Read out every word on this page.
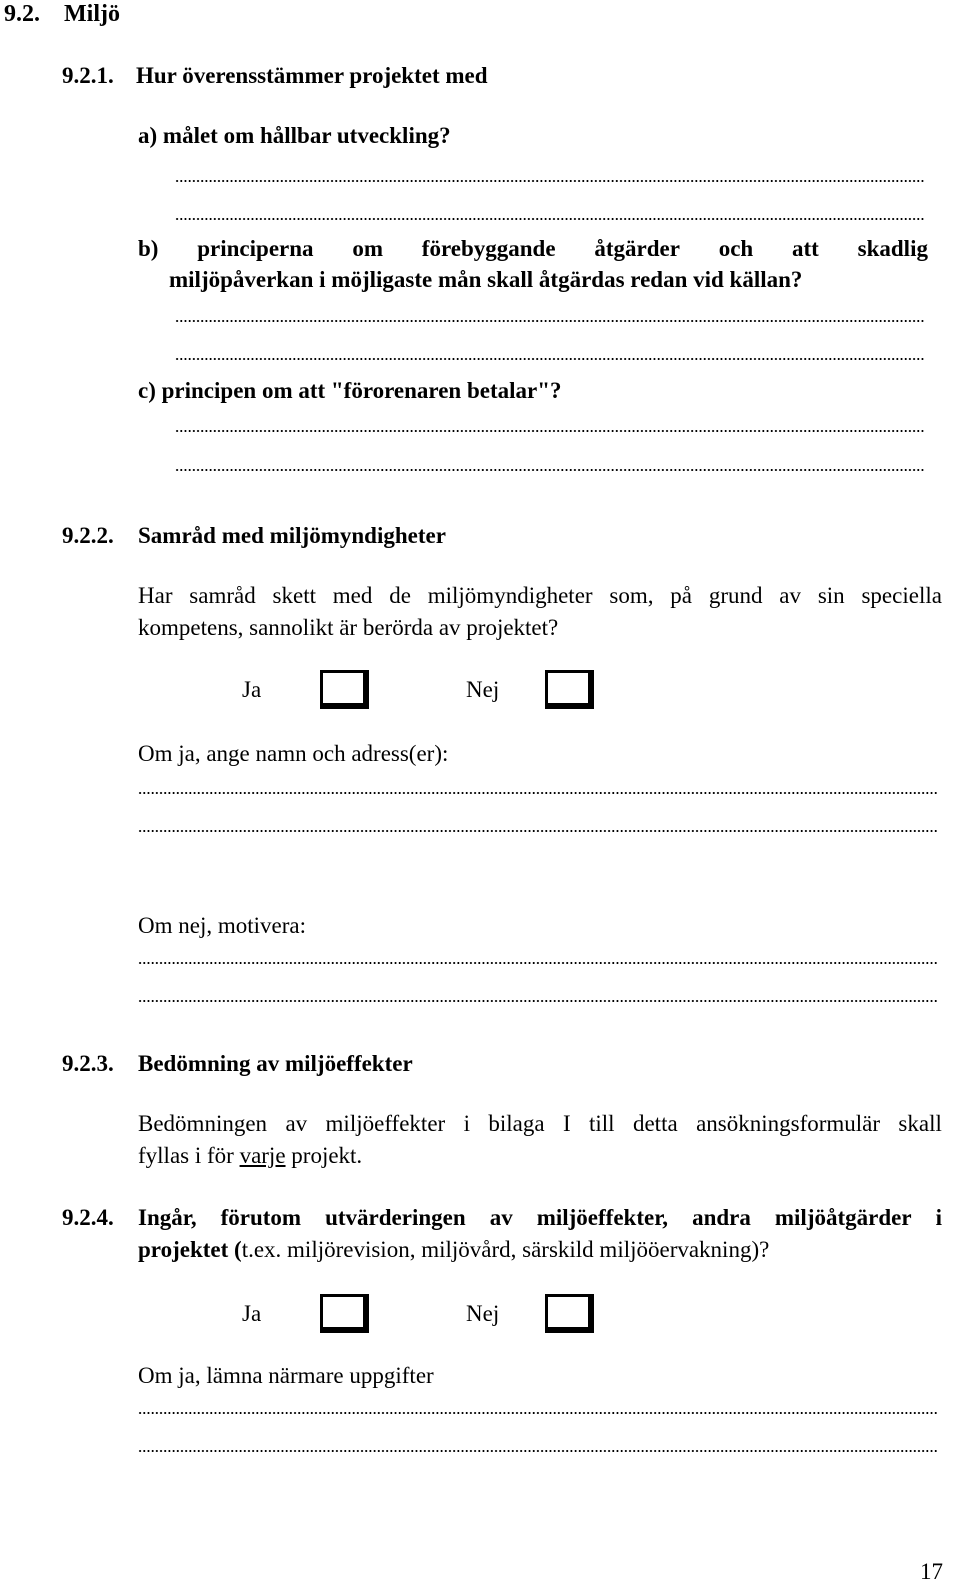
9.2. Miljö
9.2.1. Hur överensstämmer projektet med
a) målet om hållbar utveckling?
b) principerna om förebyggande åtgärder och att skadlig
miljöpåverkan i möjligaste mån skall åtgärdas redan vid källan?
c) principen om att "förorenaren betalar"?
9.2.2. Samråd med miljömyndigheter
Har samråd skett med de miljömyndigheter som, på grund av sin speciella
kompetens, sannolikt är berörda av projektet?
Ja	Nej
Om ja, ange namn och adress(er):
Om nej, motivera:
9.2.3. Bedömning av miljöeffekter
Bedömningen av miljöeffekter i bilaga I till detta ansökningsformulär skall
fyllas i för varje projekt.
9.2.4. Ingår, förutom utvärderingen av miljöeffekter, andra miljöåtgärder i
projektet (t.ex. miljörevision, miljövård, särskild miljööervakning)?
Ja	Nej
Om ja, lämna närmare uppgifter
17
